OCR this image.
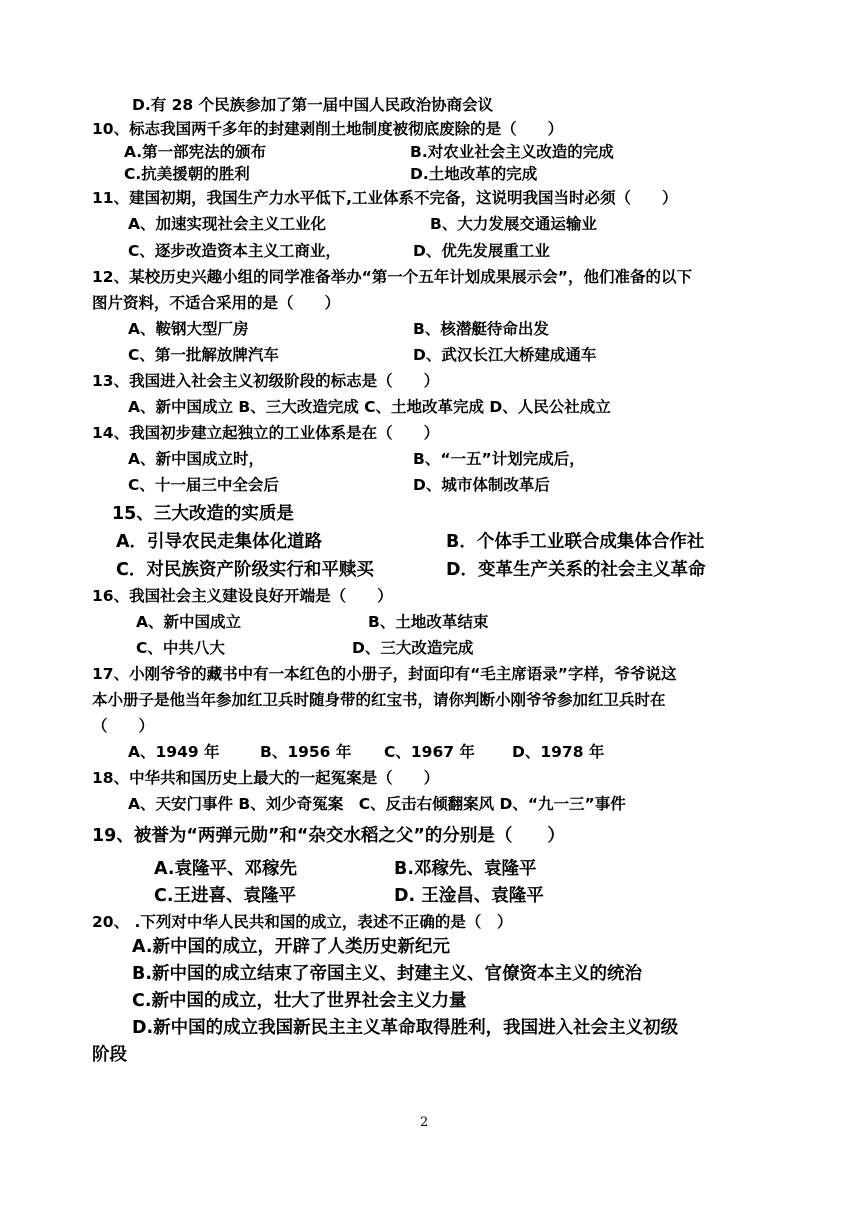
D.有 28 个民族参加了第一届中国人民政治协商会议
10、标志我国两千多年的封建剥削土地制度被彻底废除的是（　　）
A.第一部宪法的颁布	B.对农业社会主义改造的完成
C.抗美援朝的胜利	D.土地改革的完成
11、建国初期，我国生产力水平低下,工业体系不完备，这说明我国当时必须（　　）
A、加速实现社会主义工业化	B、大力发展交通运输业
C、逐步改造资本主义工商业，	D、优先发展重工业
12、某校历史兴趣小组的同学准备举办“第一个五年计划成果展示会”，他们准备的以下
图片资料，不适合采用的是（　　）
A、鞍钢大型厂房	B、核潜艇待命出发
C、第一批解放牌汽车	D、武汉长江大桥建成通车
13、我国进入社会主义初级阶段的标志是（　　）
A、新中国成立 B、三大改造完成 C、土地改革完成 D、人民公社成立
14、我国初步建立起独立的工业体系是在（　　）
A、新中国成立时，	B、“一五”计划完成后，
C、十一届三中全会后	D、城市体制改革后
15、三大改造的实质是
A．引导农民走集体化道路	B．个体手工业联合成集体合作社
C．对民族资产阶级实行和平赎买	D．变革生产关系的社会主义革命
16、我国社会主义建设良好开端是（　　）
A、新中国成立	B、土地改革结束
C、中共八大	D、三大改造完成
17、小刚爷爷的藏书中有一本红色的小册子，封面印有“毛主席语录”字样，爷爷说这
本小册子是他当年参加红卫兵时随身带的红宝书，请你判断小刚爷爷参加红卫兵时在
（　　）
A、1949 年	B、1956 年 C、1967 年 D、1978 年
18、中华共和国历史上最大的一起冤案是（　　）
A、天安门事件 B、刘少奇冤案　C、反击右倾翻案风 D、“九一三”事件
19、被誉为“两弹元勋”和“杂交水稻之父”的分别是（　　）
A.袁隆平、邓稼先	B.邓稼先、袁隆平
C.王进喜、袁隆平	D. 王淦昌、袁隆平
20、 .下列对中华人民共和国的成立，表述不正确的是（　）
A.新中国的成立，开辟了人类历史新纪元
B.新中国的成立结束了帝国主义、封建主义、官僚资本主义的统治
C.新中国的成立，壮大了世界社会主义力量
D.新中国的成立我国新民主主义革命取得胜利，我国进入社会主义初级
阶段
2
